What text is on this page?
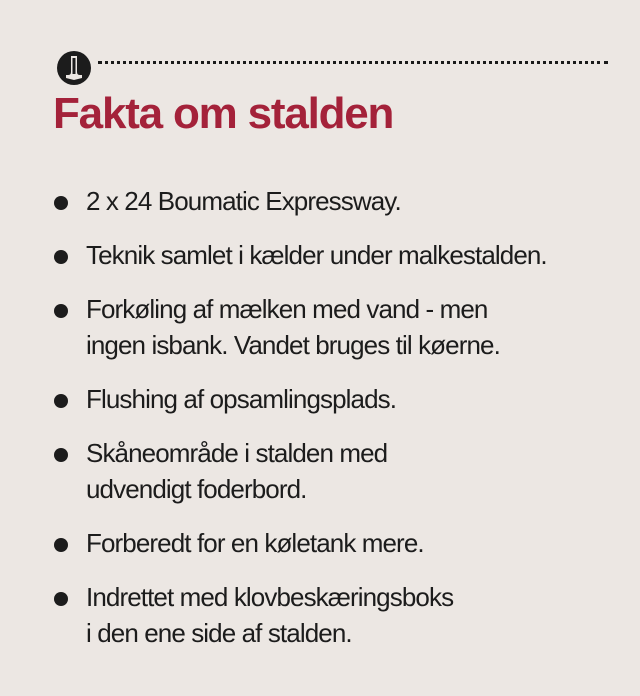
Fakta om stalden
2 x 24 Boumatic Expressway.
Teknik samlet i kælder under malkestalden.
Forkøling af mælken med vand - men
ingen isbank. Vandet bruges til køerne.
Flushing af opsamlingsplads.
Skåneområde i stalden med
udvendigt foderbord.
Forberedt for en køletank mere.
Indrettet med klovbeskæringsboks
i den ene side af stalden.
